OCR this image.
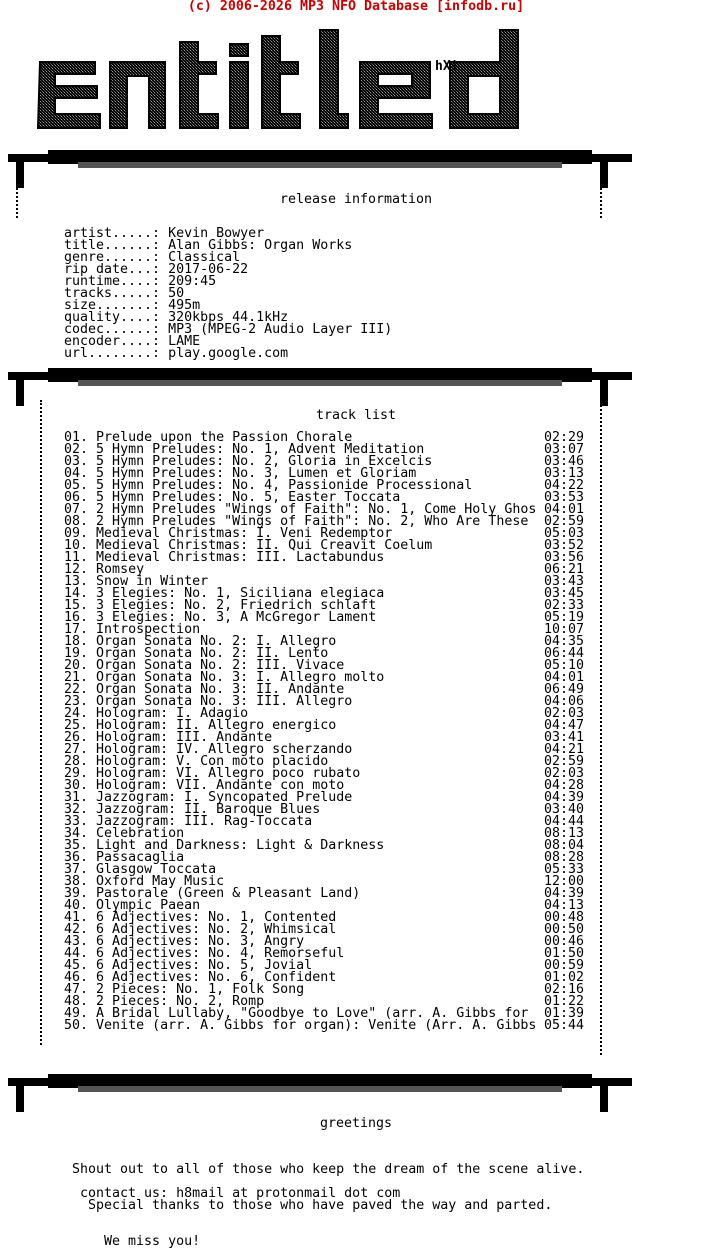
(c) 2006-2026 MP3 NFO Database [infodb.ru]
hX!
release information
artist.....: Kevin Bowyer
title......: Alan Gibbs: Organ Works
genre......: Classical
rip date...: 2017-06-22
runtime....: 209:45
tracks.....: 50
size.......: 495m
quality....: 320kbps 44.1kHz
codec......: MP3 (MPEG-2 Audio Layer III)
encoder....: LAME
url........: play.google.com
track list
01. Prelude upon the Passion Chorale	02:29
02. 5 Hymn Preludes: No. 1, Advent Meditation	03:07
03. 5 Hymn Preludes: No. 2, Gloria in Excelcis	03:46
04. 5 Hymn Preludes: No. 3, Lumen et Gloriam	03:13
05. 5 Hymn Preludes: No. 4, Passionide Processional	04:22
06. 5 Hymn Preludes: No. 5, Easter Toccata	03:53
07. 2 Hymn Preludes "Wings of Faith": No. 1, Come Holy Ghos 04:01
08. 2 Hymn Preludes "Wings of Faith": No. 2, Who Are These 02:59
09. Medieval Christmas: I. Veni Redemptor	05:03
10. Medieval Christmas: II. Qui Creavit Coelum	03:52
11. Medieval Christmas: III. Lactabundus	03:56
12. Romsey	06:21
13. Snow in Winter	03:43
14. 3 Elegies: No. 1, Siciliana elegiaca	03:45
15. 3 Elegies: No. 2, Friedrich schlaft	02:33
16. 3 Elegies: No. 3, A McGregor Lament	05:19
17. Introspection	10:07
18. Organ Sonata No. 2: I. Allegro	04:35
19. Organ Sonata No. 2: II. Lento	06:44
20. Organ Sonata No. 2: III. Vivace	05:10
21. Organ Sonata No. 3: I. Allegro molto	04:01
22. Organ Sonata No. 3: II. Andante	06:49
23. Organ Sonata No. 3: III. Allegro	04:06
24. Hologram: I. Adagio	02:03
25. Hologram: II. Allegro energico	04:47
26. Hologram: III. Andante	03:41
27. Hologram: IV. Allegro scherzando	04:21
28. Hologram: V. Con moto placido	02:59
29. Hologram: VI. Allegro poco rubato	02:03
30. Hologram: VII. Andante con moto	04:28
31. Jazzogram: I. Syncopated Prelude	04:39
32. Jazzogram: II. Baroque Blues	03:40
33. Jazzogram: III. Rag-Toccata	04:44
34. Celebration	08:13
35. Light and Darkness: Light & Darkness	08:04
36. Passacaglia	08:28
37. Glasgow Toccata	05:33
38. Oxford May Music	12:00
39. Pastorale (Green & Pleasant Land)	04:39
40. Olympic Paean	04:13
41. 6 Adjectives: No. 1, Contented	00:48
42. 6 Adjectives: No. 2, Whimsical	00:50
43. 6 Adjectives: No. 3, Angry	00:46
44. 6 Adjectives: No. 4, Remorseful	01:50
45. 6 Adjectives: No. 5, Jovial	00:59
46. 6 Adjectives: No. 6, Confident	01:02
47. 2 Pieces: No. 1, Folk Song	02:16
48. 2 Pieces: No. 2, Romp	01:22
49. A Bridal Lullaby, "Goodbye to Love" (arr. A. Gibbs for 01:39
50. Venite (arr. A. Gibbs for organ): Venite (Arr. A. Gibbs 05:44
greetings

Shout out to all of those who keep the dream of the scene alive.

Special thanks to those who have paved the way and parted.

We miss you!

contact us: h8mail at protonmail dot com
